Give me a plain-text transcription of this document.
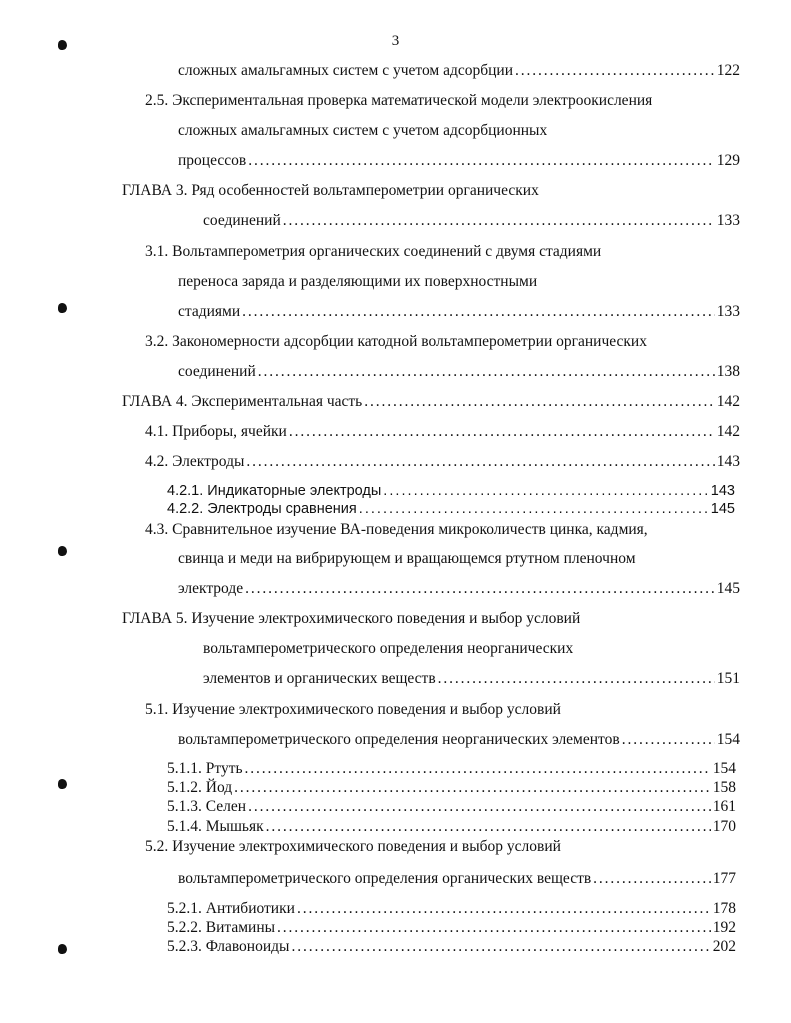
3
сложных амальгамных систем с учетом адсорбции . . .	122
2.5. Экспериментальная проверка математической модели электроокисления
сложных амальгамных систем с учетом адсорбционных
процессов . . .	129
ГЛАВА 3. Ряд особенностей вольтамперометрии органических
соединений . . .	133
3.1. Вольтамперометрия органических соединений с двумя стадиями
переноса заряда и разделяющими их поверхностными
стадиями . . .	133
3.2. Закономерности адсорбции катодной вольтамперометрии органических
соединений . . .	138
ГЛАВА 4. Экспериментальная часть . . .	142
4.1. Приборы, ячейки . . .	142
4.2. Электроды . . .	143
4.2.1. Индикаторные электроды . . .	143
4.2.2. Электроды сравнения . . .	145
4.3. Сравнительное изучение ВА-поведения микроколичеств цинка, кадмия,
свинца и меди на вибрирующем и вращающемся ртутном пленочном
электроде . . .	145
ГЛАВА 5. Изучение электрохимического поведения и выбор условий
вольтамперометрического определения неорганических
элементов и органических веществ . . .	151
5.1. Изучение электрохимического поведения и выбор условий
вольтамперометрического определения неорганических элементов . . .	154
5.1.1. Ртуть . . .	154
5.1.2. Йод . . .	158
5.1.3. Селен . . .	161
5.1.4. Мышьяк . . .	170
5.2. Изучение электрохимического поведения и выбор условий
вольтамперометрического определения органических веществ . . .	177
5.2.1. Антибиотики . . .	178
5.2.2. Витамины . . .	192
5.2.3. Флавоноиды . . .	202
